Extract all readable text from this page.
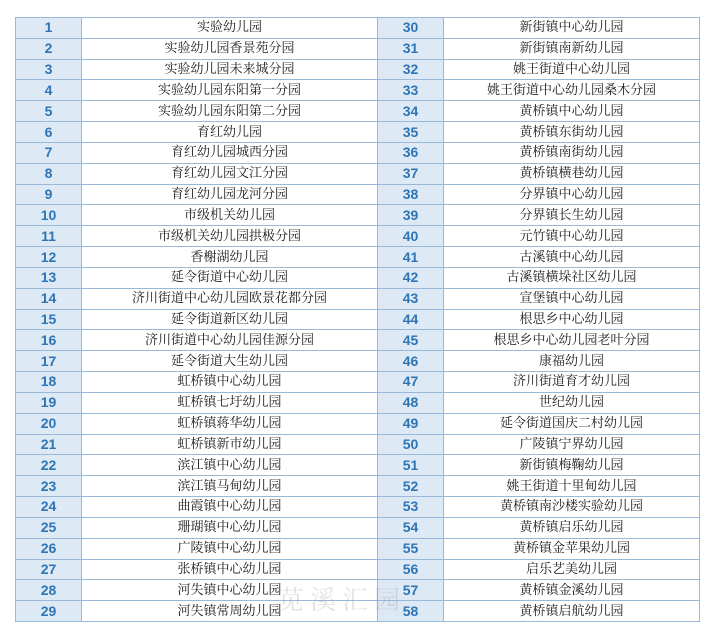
1	实验幼儿园	30	新街镇中心幼儿园
2	实验幼儿园香景苑分园	31	新街镇南新幼儿园
3	实验幼儿园未来城分园	32	姚王街道中心幼儿园
4	实验幼儿园东阳第一分园	33	姚王街道中心幼儿园桑木分园
5	实验幼儿园东阳第二分园	34	黄桥镇中心幼儿园
6	育红幼儿园	35	黄桥镇东街幼儿园
7	育红幼儿园城西分园	36	黄桥镇南街幼儿园
8	育红幼儿园文江分园	37	黄桥镇横巷幼儿园
9	育红幼儿园龙河分园	38	分界镇中心幼儿园
10	市级机关幼儿园	39	分界镇长生幼儿园
11	市级机关幼儿园拱极分园	40	元竹镇中心幼儿园
12	香榭湖幼儿园	41	古溪镇中心幼儿园
13	延令街道中心幼儿园	42	古溪镇横垛社区幼儿园
14	济川街道中心幼儿园欧景花都分园	43	宣堡镇中心幼儿园
15	延令街道新区幼儿园	44	根思乡中心幼儿园
16	济川街道中心幼儿园佳源分园	45	根思乡中心幼儿园老叶分园
17	延令街道大生幼儿园	46	康福幼儿园
18	虹桥镇中心幼儿园	47	济川街道育才幼儿园
19	虹桥镇七圩幼儿园	48	世纪幼儿园
20	虹桥镇蒋华幼儿园	49	延令街道国庆二村幼儿园
21	虹桥镇新市幼儿园	50	广陵镇宁界幼儿园
22	滨江镇中心幼儿园	51	新街镇梅鞠幼儿园
23	滨江镇马甸幼儿园	52	姚王街道十里甸幼儿园
24	曲霞镇中心幼儿园	53	黄桥镇南沙楼实验幼儿园
25	珊瑚镇中心幼儿园	54	黄桥镇启乐幼儿园
26	广陵镇中心幼儿园	55	黄桥镇金苹果幼儿园
27	张桥镇中心幼儿园	56	启乐艺美幼儿园
28	河失镇中心幼儿园	57	黄桥镇金溪幼儿园
29	河失镇常周幼儿园	58	黄桥镇启航幼儿园
苋溪汇园
